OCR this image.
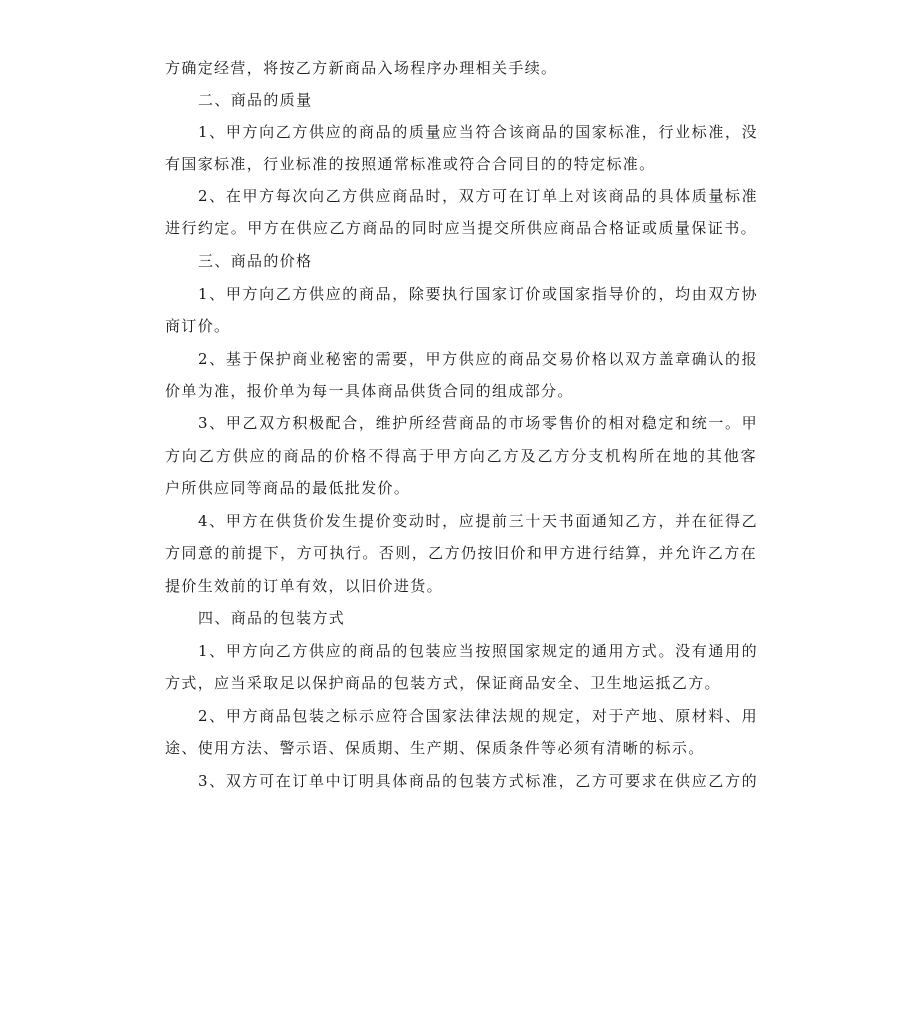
方确定经营，将按乙方新商品入场程序办理相关手续。
二、商品的质量
1、甲方向乙方供应的商品的质量应当符合该商品的国家标准，行业标准，没
有国家标准，行业标准的按照通常标准或符合合同目的的特定标准。
2、在甲方每次向乙方供应商品时，双方可在订单上对该商品的具体质量标准
进行约定。甲方在供应乙方商品的同时应当提交所供应商品合格证或质量保证书。
三、商品的价格
1、甲方向乙方供应的商品，除要执行国家订价或国家指导价的，均由双方协
商订价。
2、基于保护商业秘密的需要，甲方供应的商品交易价格以双方盖章确认的报
价单为准，报价单为每一具体商品供货合同的组成部分。
3、甲乙双方积极配合，维护所经营商品的市场零售价的相对稳定和统一。甲
方向乙方供应的商品的价格不得高于甲方向乙方及乙方分支机构所在地的其他客
户所供应同等商品的最低批发价。
4、甲方在供货价发生提价变动时，应提前三十天书面通知乙方，并在征得乙
方同意的前提下，方可执行。否则，乙方仍按旧价和甲方进行结算，并允许乙方在
提价生效前的订单有效，以旧价进货。
四、商品的包装方式
1、甲方向乙方供应的商品的包装应当按照国家规定的通用方式。没有通用的
方式，应当采取足以保护商品的包装方式，保证商品安全、卫生地运抵乙方。
2、甲方商品包装之标示应符合国家法律法规的规定，对于产地、原材料、用
途、使用方法、警示语、保质期、生产期、保质条件等必须有清晰的标示。
3、双方可在订单中订明具体商品的包装方式标准，乙方可要求在供应乙方的
